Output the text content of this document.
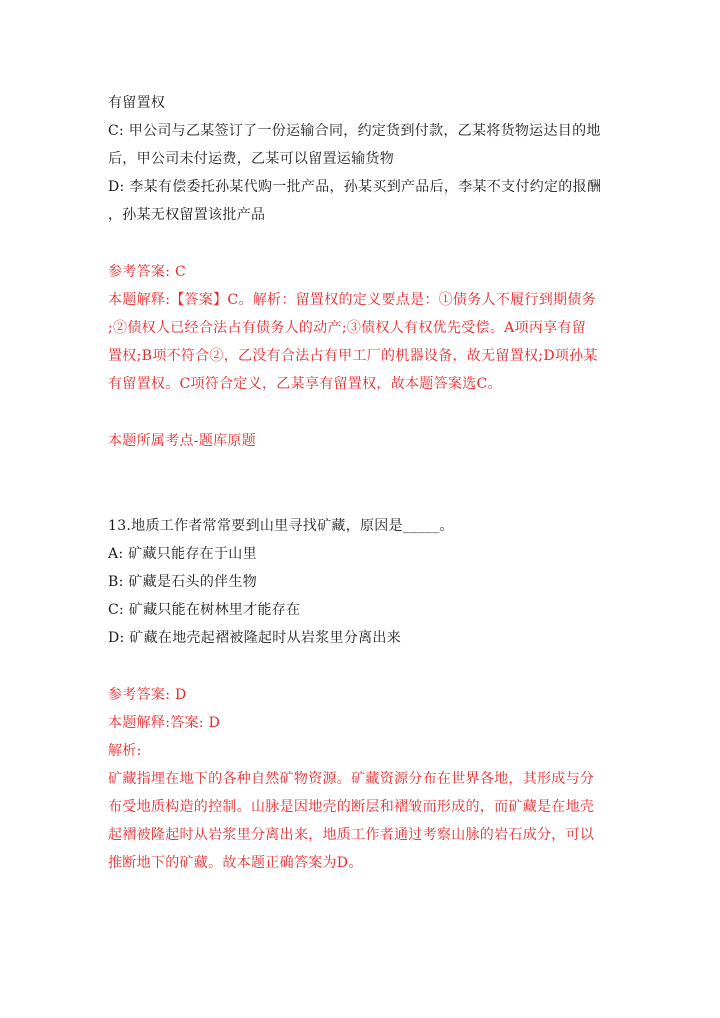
有留置权
C: 甲公司与乙某签订了一份运输合同，约定货到付款，乙某将货物运达目的地
后，甲公司未付运费，乙某可以留置运输货物
D: 李某有偿委托孙某代购一批产品，孙某买到产品后，李某不支付约定的报酬
，孙某无权留置该批产品
参考答案: C
本题解释:【答案】C。解析：留置权的定义要点是：①债务人不履行到期债务
;②债权人已经合法占有债务人的动产;③债权人有权优先受偿。A项丙享有留
置权;B项不符合②，乙没有合法占有甲工厂的机器设备，故无留置权;D项孙某
有留置权。C项符合定义，乙某享有留置权，故本题答案选C。
本题所属考点-题库原题
13.地质工作者常常要到山里寻找矿藏，原因是_____。
A: 矿藏只能存在于山里
B: 矿藏是石头的伴生物
C: 矿藏只能在树林里才能存在
D: 矿藏在地壳起褶被隆起时从岩浆里分离出来
参考答案: D
本题解释:答案: D
解析:
矿藏指埋在地下的各种自然矿物资源。矿藏资源分布在世界各地，其形成与分
布受地质构造的控制。山脉是因地壳的断层和褶皱而形成的，而矿藏是在地壳
起褶被隆起时从岩浆里分离出来，地质工作者通过考察山脉的岩石成分，可以
推断地下的矿藏。故本题正确答案为D。
